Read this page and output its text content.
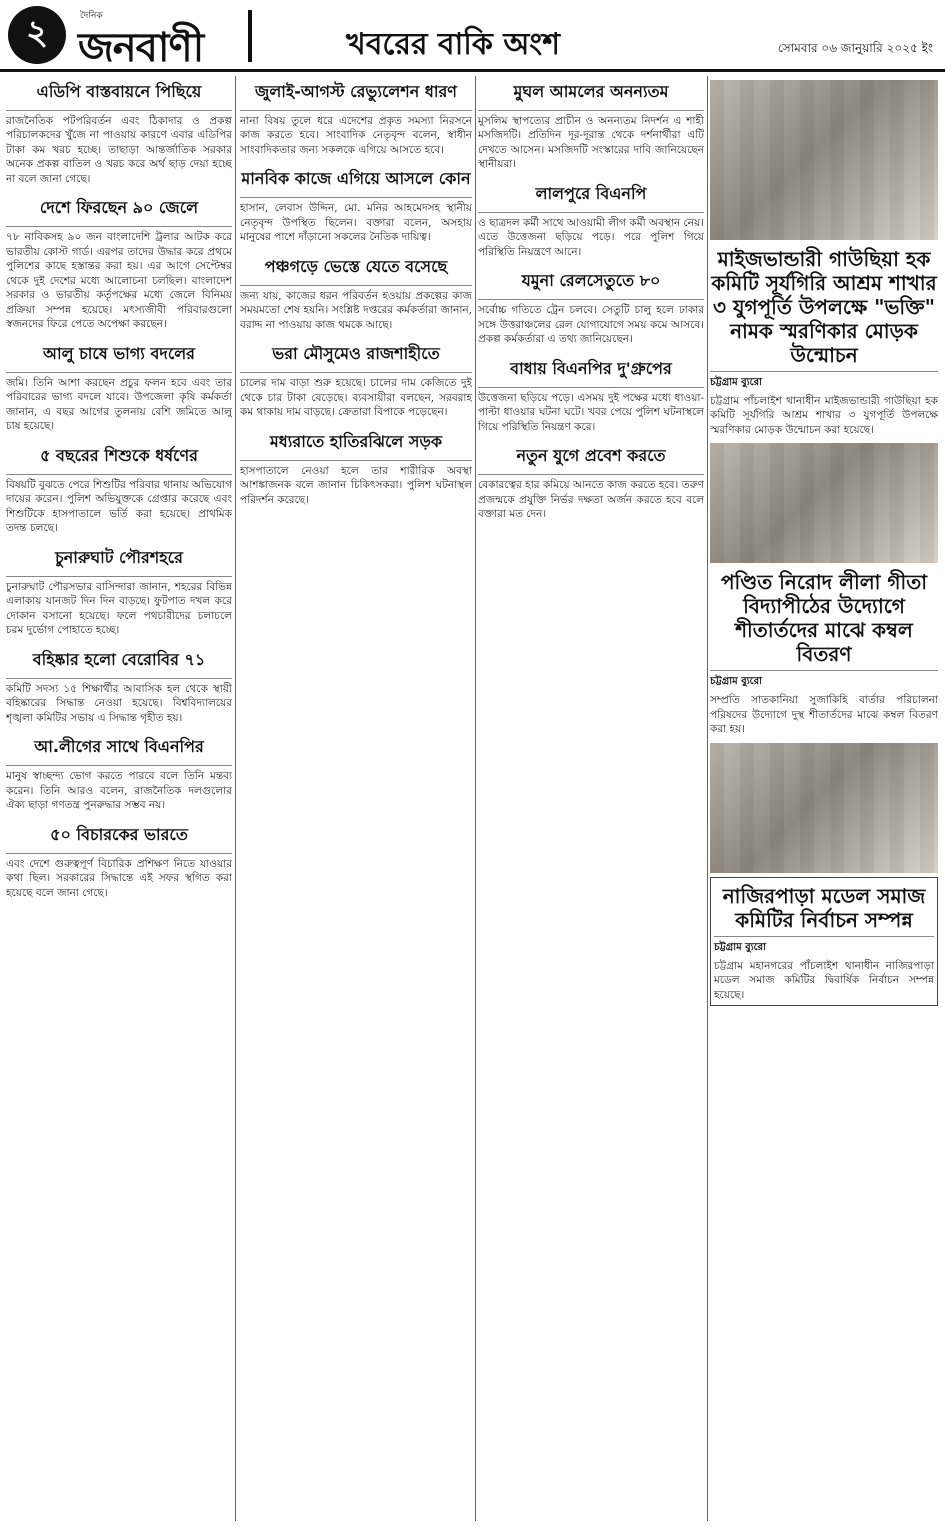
২	দৈনিক
জনবাণী	খবরের বাকি অংশ	সোমবার ০৬ জানুয়ারি ২০২৫ ইং
এডিপি বাস্তবায়নে পিছিয়ে

রাজনৈতিক পটপরিবর্তন এবং ঠিকাদার ও প্রকল্প পরিচালকদের খুঁজে না পাওয়ায় কারণে এবার এডিপির টাকা কম খরচ হচ্ছে। তাছাড়া আন্তর্জাতিক সরকার অনেক প্রকল্প বাতিল ও খরচ করে অর্থ ছাড় দেয়া হচ্ছে না বলে জানা গেছে।

দেশে ফিরছেন ৯০ জেলে

৭৮ নাবিকসহ ৯০ জন বাংলাদেশি ট্রলার আটক করে ভারতীয় কোস্ট গার্ড। এরপর তাদের উদ্ধার করে প্রথমে পুলিশের কাছে হস্তান্তর করা হয়। এর আগে সেপ্টেম্বর থেকে দুই দেশের মধ্যে আলোচনা চলছিল। বাংলাদেশ সরকার ও ভারতীয় কর্তৃপক্ষের মধ্যে জেলে বিনিময় প্রক্রিয়া সম্পন্ন হয়েছে। মৎস্যজীবী পরিবারগুলো স্বজনদের ফিরে পেতে অপেক্ষা করছেন।

আলু চাষে ভাগ্য বদলের

জমি। তিনি আশা করছেন প্রচুর ফলন হবে এবং তার পরিবারের ভাগ্য বদলে যাবে। উপজেলা কৃষি কর্মকর্তা জানান, এ বছর আগের তুলনায় বেশি জমিতে আলু চাষ হয়েছে।

৫ বছরের শিশুকে ধর্ষণের

বিষয়টি বুঝতে পেরে শিশুটির পরিবার থানায় অভিযোগ দায়ের করেন। পুলিশ অভিযুক্তকে গ্রেপ্তার করেছে এবং শিশুটিকে হাসপাতালে ভর্তি করা হয়েছে। প্রাথমিক তদন্ত চলছে।

চুনারুঘাট পৌরশহরে

চুনারুঘাট পৌরসভার বাসিন্দারা জানান, শহরের বিভিন্ন এলাকায় যানজট দিন দিন বাড়ছে। ফুটপাত দখল করে দোকান বসানো হয়েছে। ফলে পথচারীদের চলাচলে চরম দুর্ভোগ পোহাতে হচ্ছে।

বহিষ্কার হলো বেরোবির ৭১

কমিটি সদস্য ১৫ শিক্ষার্থীর আবাসিক হল থেকে স্থায়ী বহিষ্কারের সিদ্ধান্ত নেওয়া হয়েছে। বিশ্ববিদ্যালয়ের শৃঙ্খলা কমিটির সভায় এ সিদ্ধান্ত গৃহীত হয়।

আ.লীগের সাথে বিএনপির

মানুষ স্বাচ্ছন্দ্য ভোগ করতে পারবে বলে তিনি মন্তব্য করেন। তিনি আরও বলেন, রাজনৈতিক দলগুলোর ঐক্য ছাড়া গণতন্ত্র পুনরুদ্ধার সম্ভব নয়।

৫০ বিচারকের ভারতে

এবং দেশে গুরুত্বপূর্ণ বিচারিক প্রশিক্ষণ নিতে যাওয়ার কথা ছিল। সরকারের সিদ্ধান্তে এই সফর স্থগিত করা হয়েছে বলে জানা গেছে।

জুলাই-আগস্ট রেভ্যুলেশন ধারণ

নানা বিষয় তুলে ধরে এদেশের প্রকৃত সমস্যা নিরসনে কাজ করতে হবে। সাংবাদিক নেতৃবৃন্দ বলেন, স্বাধীন সাংবাদিকতার জন্য সকলকে এগিয়ে আসতে হবে।

মানবিক কাজে এগিয়ে আসলে কোন

হাসান, লেবাস উদ্দিন, মো. মনির আহমেদসহ স্থানীয় নেতৃবৃন্দ উপস্থিত ছিলেন। বক্তারা বলেন, অসহায় মানুষের পাশে দাঁড়ানো সকলের নৈতিক দায়িত্ব।

পঞ্চগড়ে ভেস্তে যেতে বসেছে

জন্য যায়, কাজের ধরন পরিবর্তন হওয়ায় প্রকল্পের কাজ সময়মতো শেষ হয়নি। সংশ্লিষ্ট দপ্তরের কর্মকর্তারা জানান, বরাদ্দ না পাওয়ায় কাজ থমকে আছে।

ভরা মৌসুমেও রাজশাহীতে

চালের দাম বাড়া শুরু হয়েছে। চালের দাম কেজিতে দুই থেকে চার টাকা বেড়েছে। ব্যবসায়ীরা বলছেন, সরবরাহ কম থাকায় দাম বাড়ছে। ক্রেতারা বিপাকে পড়েছেন।

মধ্যরাতে হাতিরঝিলে সড়ক

হাসপাতালে নেওয়া হলে তার শারীরিক অবস্থা আশঙ্কাজনক বলে জানান চিকিৎসকরা। পুলিশ ঘটনাস্থল পরিদর্শন করেছে।

মুঘল আমলের অনন্যতম

মুসলিম স্থাপত্যের প্রাচীন ও অনন্যতম নিদর্শন এ শাহী মসজিদটি। প্রতিদিন দূর-দূরান্ত থেকে দর্শনার্থীরা এটি দেখতে আসেন। মসজিদটি সংস্কারের দাবি জানিয়েছেন স্থানীয়রা।

লালপুরে বিএনপি

ও ছাত্রদল কর্মী সাথে আওয়ামী লীগ কর্মী অবস্থান নেয়। এতে উত্তেজনা ছড়িয়ে পড়ে। পরে পুলিশ গিয়ে পরিস্থিতি নিয়ন্ত্রণে আনে।

যমুনা রেলসেতুতে ৮০

সর্বোচ্চ গতিতে ট্রেন চলবে। সেতুটি চালু হলে ঢাকার সঙ্গে উত্তরাঞ্চলের রেল যোগাযোগে সময় কমে আসবে। প্রকল্প কর্মকর্তারা এ তথ্য জানিয়েছেন।

বাধায় বিএনপির দু'গ্রুপের

উত্তেজনা ছড়িয়ে পড়ে। এসময় দুই পক্ষের মধ্যে ধাওয়া-পাল্টা ধাওয়ার ঘটনা ঘটে। খবর পেয়ে পুলিশ ঘটনাস্থলে গিয়ে পরিস্থিতি নিয়ন্ত্রণ করে।

নতুন যুগে প্রবেশ করতে

বেকারত্বের হার কমিয়ে আনতে কাজ করতে হবে। তরুণ প্রজন্মকে প্রযুক্তি নির্ভর দক্ষতা অর্জন করতে হবে বলে বক্তারা মত দেন।

মাইজভান্ডারী গাউছিয়া হক কমিটি সূর্যগিরি আশ্রম শাখার ৩ যুগপূর্তি উপলক্ষে "ভক্তি" নামক স্মরণিকার মোড়ক উন্মোচন
চট্টগ্রাম ব্যুরো

চট্টগ্রাম পাঁচলাইশ থানাধীন মাইজভান্ডারী গাউছিয়া হক কমিটি সূর্যগিরি আশ্রম শাখার ৩ যুগপূর্তি উপলক্ষে স্মরণিকার মোড়ক উন্মোচন করা হয়েছে।

পণ্ডিত নিরোদ লীলা গীতা বিদ্যাপীঠের উদ্যোগে শীতার্তদের মাঝে কম্বল বিতরণ
চট্টগ্রাম ব্যুরো

সম্প্রতি সাতকানিয়া সুজাকিহি বার্তার পরিচালনা পরিষদের উদ্যোগে দুস্থ শীতার্তদের মাঝে কম্বল বিতরণ করা হয়।

নাজিরপাড়া মডেল সমাজ কমিটির নির্বাচন সম্পন্ন
চট্টগ্রাম ব্যুরো

চট্টগ্রাম মহানগরের পাঁচলাইশ থানাধীন নাজিরপাড়া মডেল সমাজ কমিটির দ্বিবার্ষিক নির্বাচন সম্পন্ন হয়েছে।
